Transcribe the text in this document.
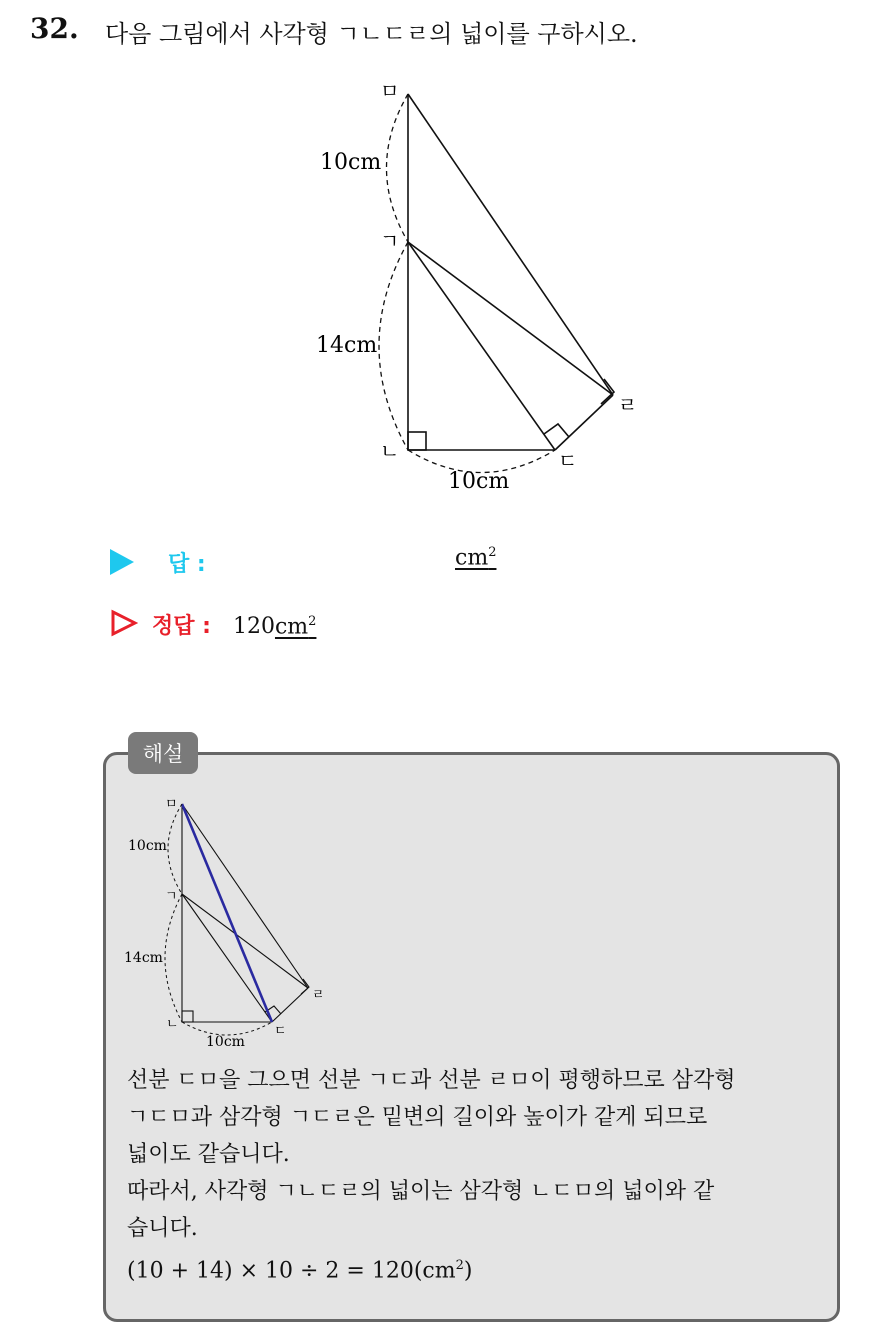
32. 다음 그림에서 사각형 ㄱㄴㄷㄹ의 넓이를 구하시오.
ㅁ
ㄱ
ㄴ	ㄷ
ㄹ
10cm
14cm
10cm
답 :	$cm^2$
정답 : 120 $cm^2$
해설
ㅁ
ㄱ
ㄴ	ㄷ
ㄹ
10cm
14cm
10cm
선분 ㄷㅁ을 그으면 선분 ㄱㄷ과 선분 ㄹㅁ이 평행하므로 삼각형
ㄱㄷㅁ과 삼각형 ㄱㄷㄹ은 밑변의 길이와 높이가 같게 되므로
넓이도 같습니다.
따라서, 사각형 ㄱㄴㄷㄹ의 넓이는 삼각형 ㄴㄷㅁ의 넓이와 같
습니다.
$(10 + 14) \times 10 \div 2 = 120(cm^2)$
